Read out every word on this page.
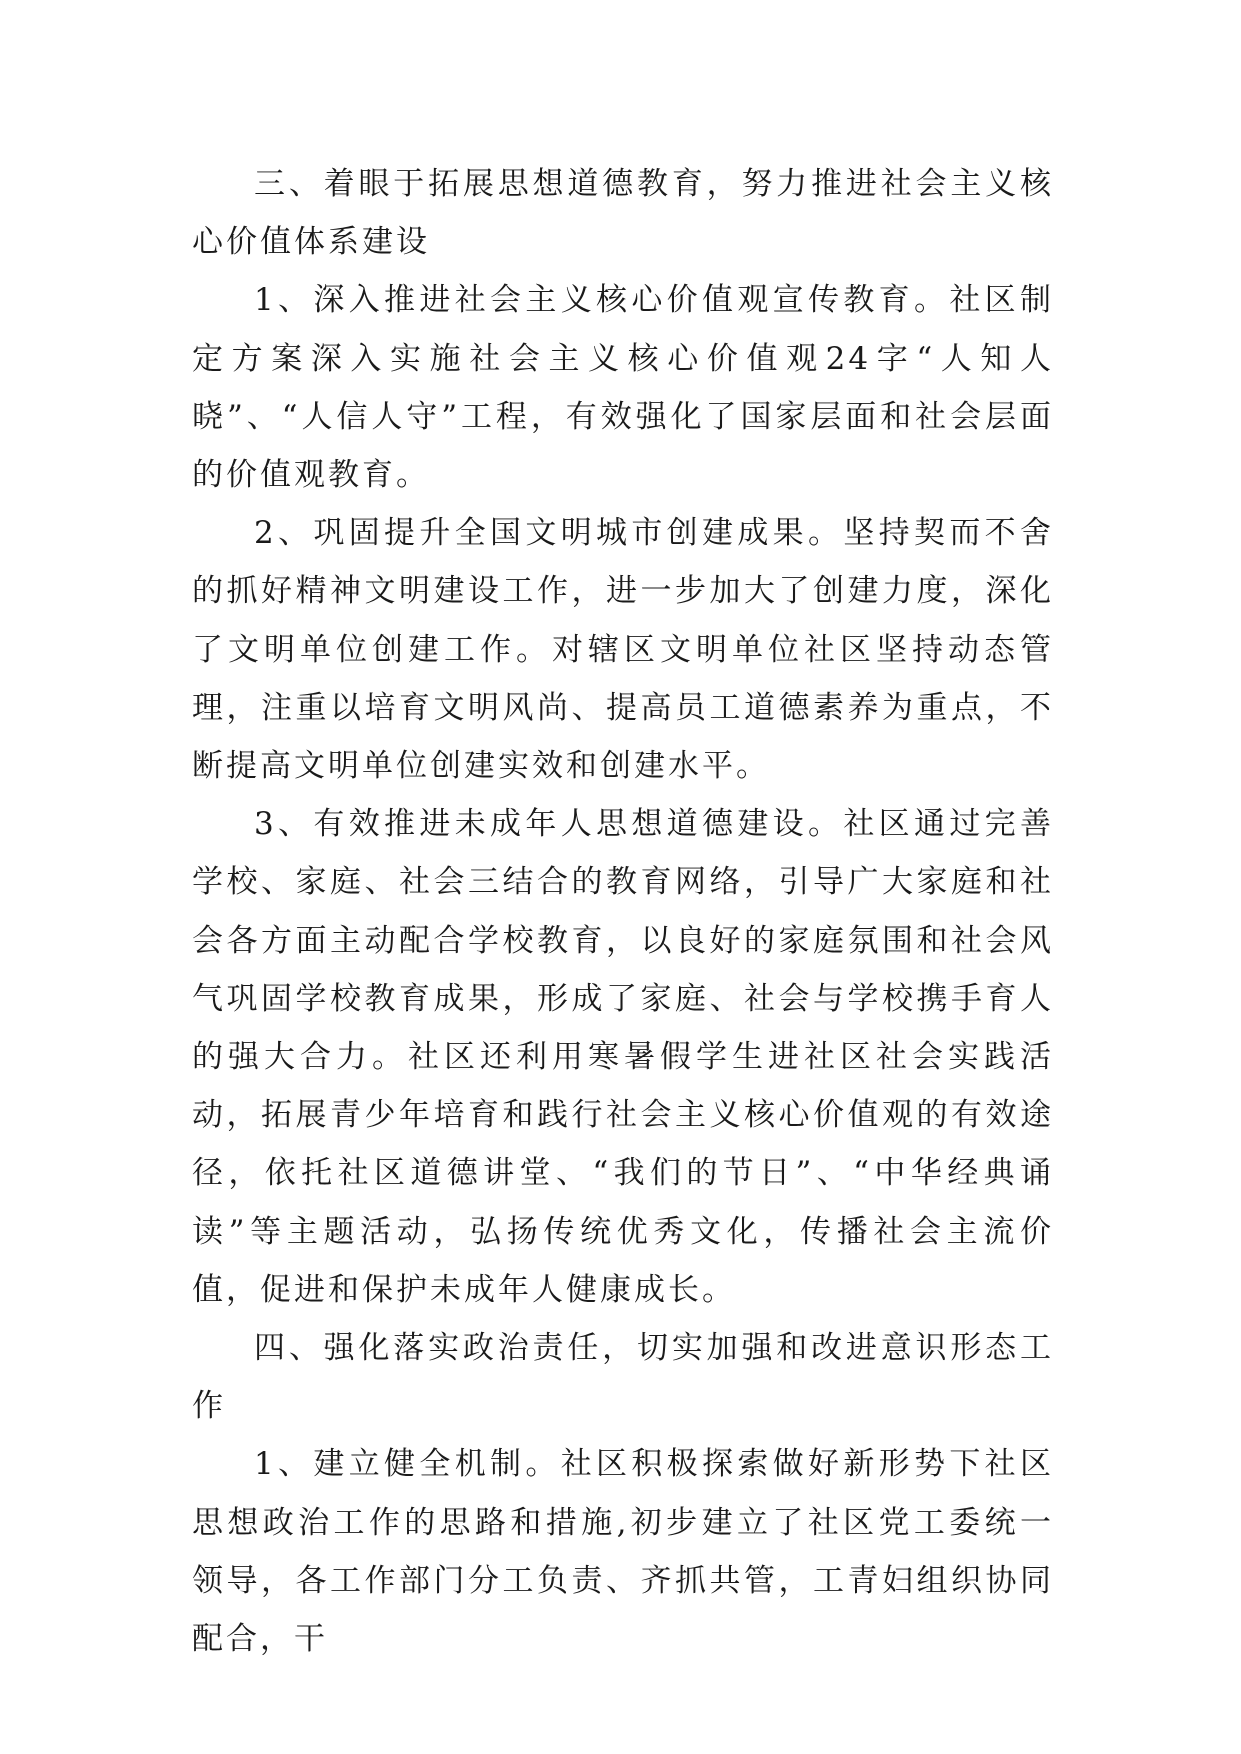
三、着眼于拓展思想道德教育，努力推进社会主义核心价值体系建设

1、深入推进社会主义核心价值观宣传教育。社区制定方案深入实施社会主义核心价值观24字“人知人晓”、“人信人守”工程，有效强化了国家层面和社会层面的价值观教育。

2、巩固提升全国文明城市创建成果。坚持契而不舍的抓好精神文明建设工作，进一步加大了创建力度，深化了文明单位创建工作。对辖区文明单位社区坚持动态管理，注重以培育文明风尚、提高员工道德素养为重点，不断提高文明单位创建实效和创建水平。

3、有效推进未成年人思想道德建设。社区通过完善学校、家庭、社会三结合的教育网络，引导广大家庭和社会各方面主动配合学校教育，以良好的家庭氛围和社会风气巩固学校教育成果，形成了家庭、社会与学校携手育人的强大合力。社区还利用寒暑假学生进社区社会实践活动，拓展青少年培育和践行社会主义核心价值观的有效途径，依托社区道德讲堂、“我们的节日”、“中华经典诵读”等主题活动，弘扬传统优秀文化，传播社会主流价值，促进和保护未成年人健康成长。

四、强化落实政治责任，切实加强和改进意识形态工作

1、建立健全机制。社区积极探索做好新形势下社区思想政治工作的思路和措施,初步建立了社区党工委统一领导，各工作部门分工负责、齐抓共管，工青妇组织协同配合，干
